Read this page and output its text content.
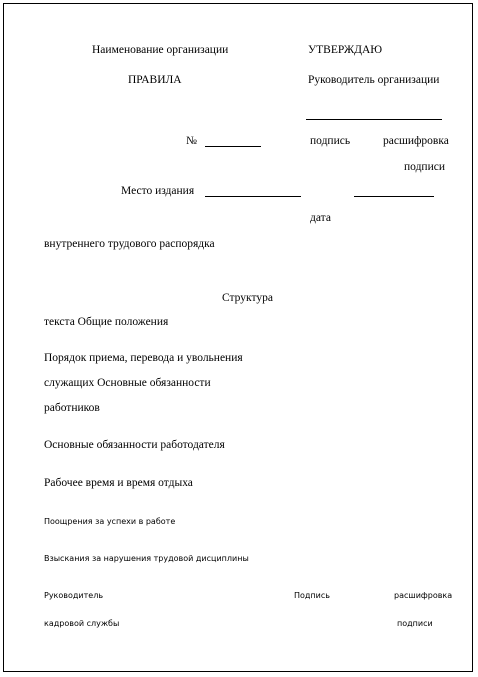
Наименование организации	УТВЕРЖДАЮ
ПРАВИЛА	Руководитель организации
№	подпись	расшифровка
подписи
Место издания
дата
внутреннего трудового распорядка
Структура
текста Общие положения
Порядок приема, перевода и увольнения
служащих Основные обязанности
работников
Основные обязанности работодателя
Рабочее время и время отдыха
Поощрения за успехи в работе
Взыскания за нарушения трудовой дисциплины
Руководитель	Подпись	расшифровка
кадровой службы	подписи
